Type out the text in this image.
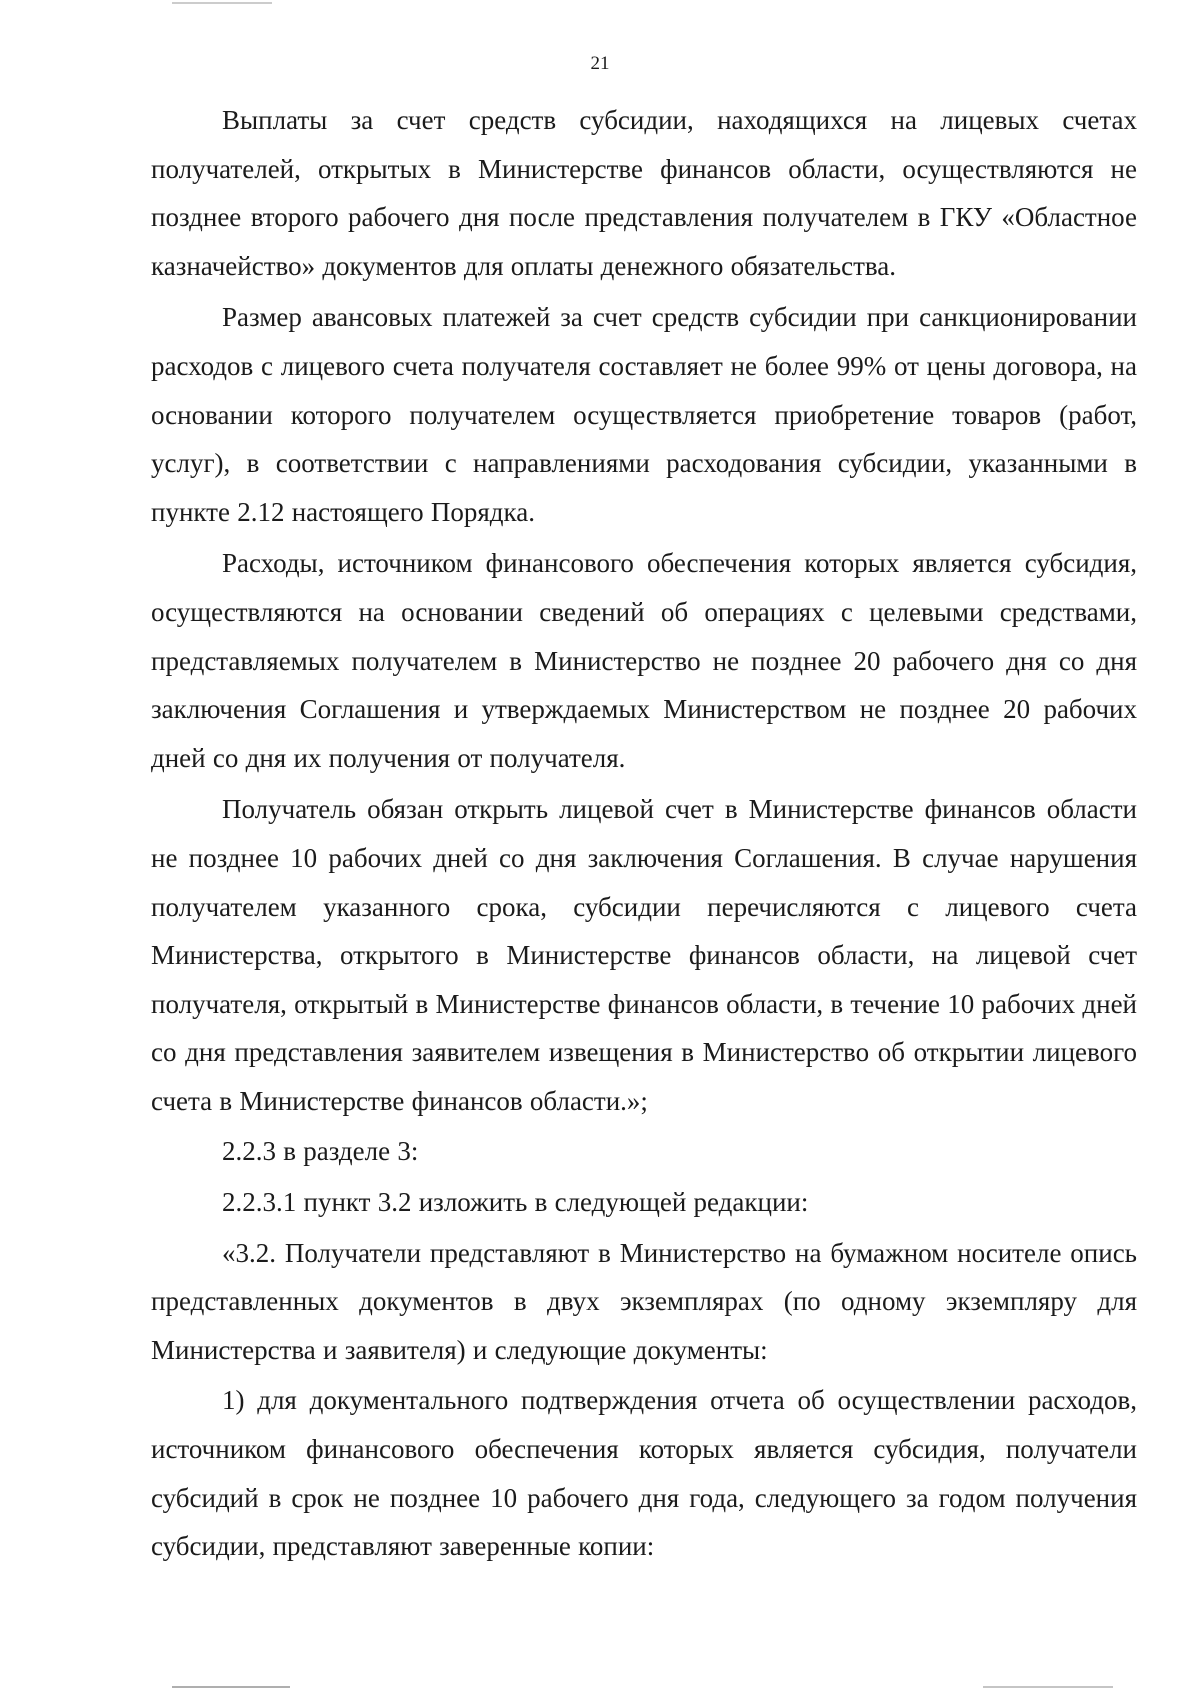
21

Выплаты за счет средств субсидии, находящихся на лицевых счетах получателей, открытых в Министерстве финансов области, осуществляются не позднее второго рабочего дня после представления получателем в ГКУ «Областное казначейство» документов для оплаты денежного обязательства.

Размер авансовых платежей за счет средств субсидии при санкционировании расходов с лицевого счета получателя составляет не более 99% от цены договора, на основании которого получателем осуществляется приобретение товаров (работ, услуг), в соответствии с направлениями расходования субсидии, указанными в пункте 2.12 настоящего Порядка.

Расходы, источником финансового обеспечения которых является субсидия, осуществляются на основании сведений об операциях с целевыми средствами, представляемых получателем в Министерство не позднее 20 рабочего дня со дня заключения Соглашения и утверждаемых Министерством не позднее 20 рабочих дней со дня их получения от получателя.

Получатель обязан открыть лицевой счет в Министерстве финансов области не позднее 10 рабочих дней со дня заключения Соглашения. В случае нарушения получателем указанного срока, субсидии перечисляются с лицевого счета Министерства, открытого в Министерстве финансов области, на лицевой счет получателя, открытый в Министерстве финансов области, в течение 10 рабочих дней со дня представления заявителем извещения в Министерство об открытии лицевого счета в Министерстве финансов области.»;

2.2.3 в разделе 3:

2.2.3.1 пункт 3.2 изложить в следующей редакции:

«3.2. Получатели представляют в Министерство на бумажном носителе опись представленных документов в двух экземплярах (по одному экземпляру для Министерства и заявителя) и следующие документы:

1) для документального подтверждения отчета об осуществлении расходов, источником финансового обеспечения которых является субсидия, получатели субсидий в срок не позднее 10 рабочего дня года, следующего за годом получения субсидии, представляют заверенные копии:
